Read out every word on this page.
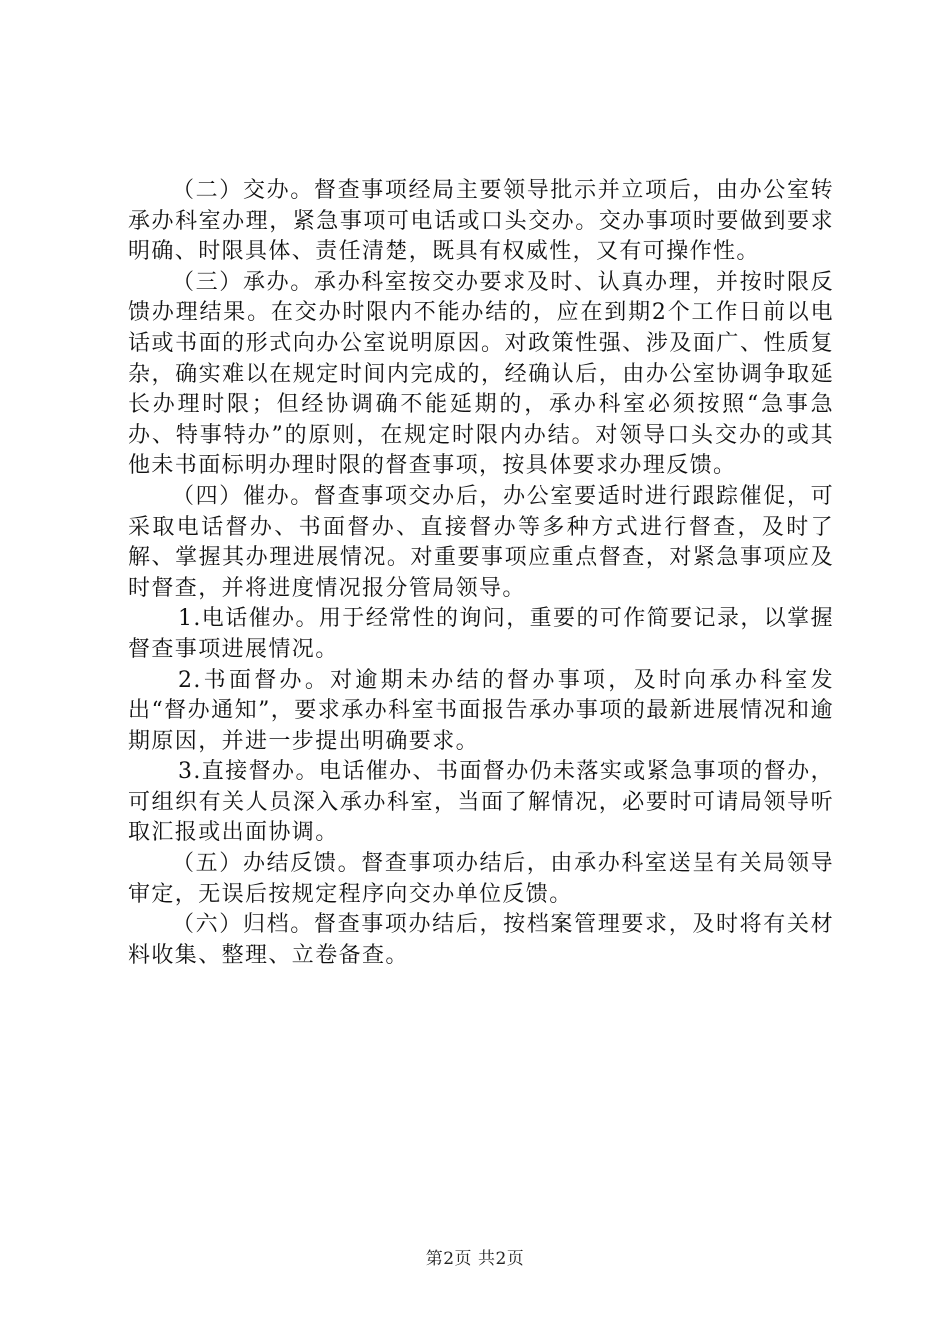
（二）交办。督查事项经局主要领导批示并立项后，由办公室转承办科室办理，紧急事项可电话或口头交办。交办事项时要做到要求明确、时限具体、责任清楚，既具有权威性，又有可操作性。

（三）承办。承办科室按交办要求及时、认真办理，并按时限反馈办理结果。在交办时限内不能办结的，应在到期2个工作日前以电话或书面的形式向办公室说明原因。对政策性强、涉及面广、性质复杂，确实难以在规定时间内完成的，经确认后，由办公室协调争取延长办理时限；但经协调确不能延期的，承办科室必须按照“急事急办、特事特办”的原则，在规定时限内办结。对领导口头交办的或其他未书面标明办理时限的督查事项，按具体要求办理反馈。

（四）催办。督查事项交办后，办公室要适时进行跟踪催促，可采取电话督办、书面督办、直接督办等多种方式进行督查，及时了解、掌握其办理进展情况。对重要事项应重点督查，对紧急事项应及时督查，并将进度情况报分管局领导。

1.电话催办。用于经常性的询问，重要的可作简要记录，以掌握督查事项进展情况。

2.书面督办。对逾期未办结的督办事项，及时向承办科室发出“督办通知”，要求承办科室书面报告承办事项的最新进展情况和逾期原因，并进一步提出明确要求。

3.直接督办。电话催办、书面督办仍未落实或紧急事项的督办，可组织有关人员深入承办科室，当面了解情况，必要时可请局领导听取汇报或出面协调。

（五）办结反馈。督查事项办结后，由承办科室送呈有关局领导审定，无误后按规定程序向交办单位反馈。

（六）归档。督查事项办结后，按档案管理要求，及时将有关材料收集、整理、立卷备查。

第2页 共2页
